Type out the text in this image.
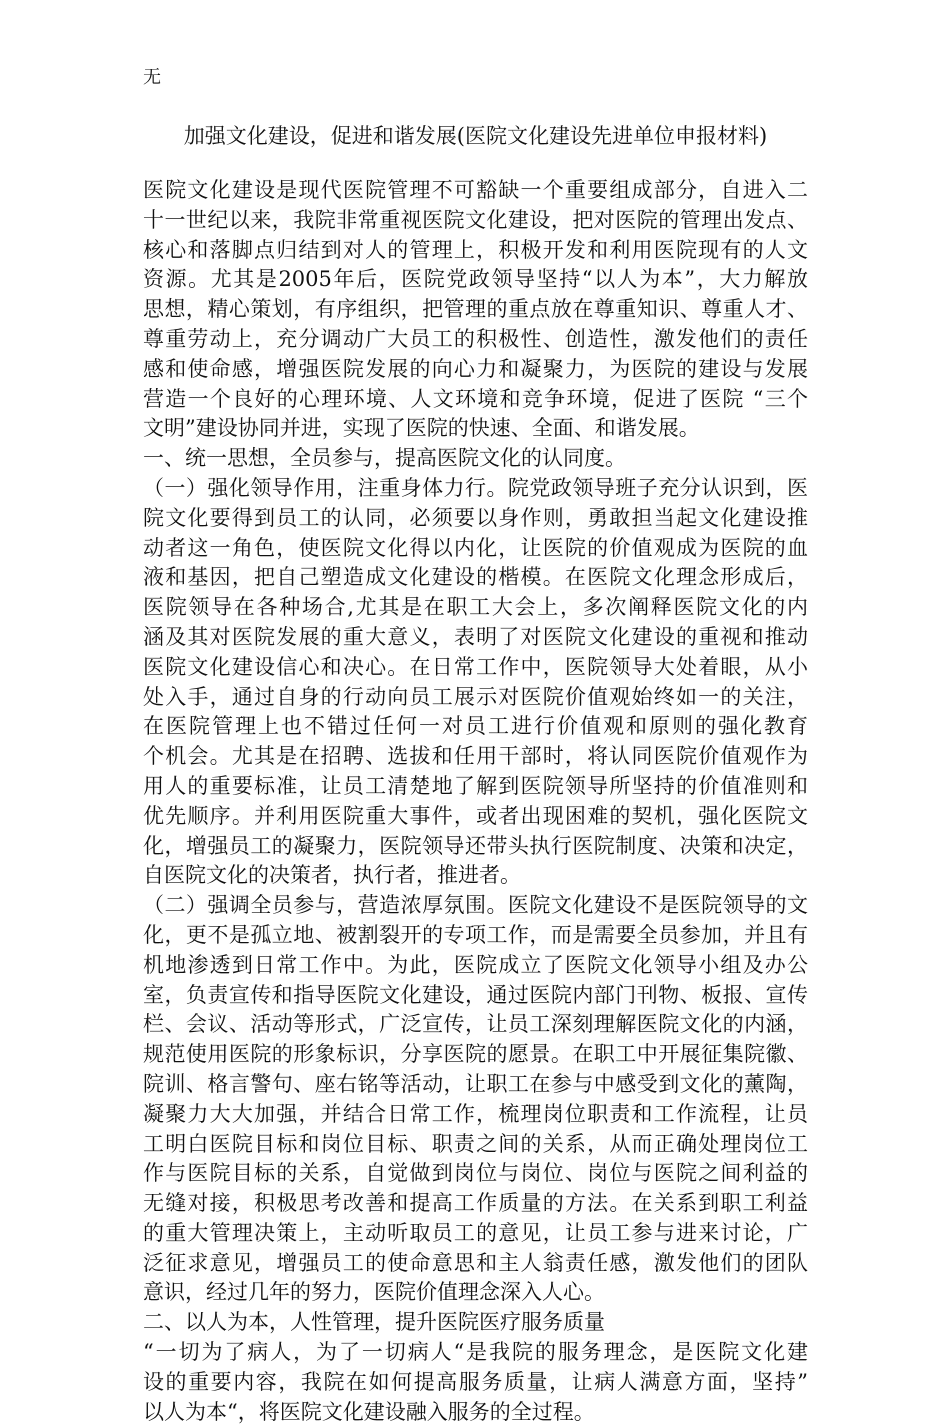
无
加强文化建设，促进和谐发展(医院文化建设先进单位申报材料)
医院文化建设是现代医院管理不可豁缺一个重要组成部分，自进入二
十一世纪以来，我院非常重视医院文化建设，把对医院的管理出发点、
核心和落脚点归结到对人的管理上，积极开发和利用医院现有的人文
资源。尤其是2005年后，医院党政领导坚持“以人为本”，大力解放
思想，精心策划，有序组织，把管理的重点放在尊重知识、尊重人才、
尊重劳动上，充分调动广大员工的积极性、创造性，激发他们的责任
感和使命感，增强医院发展的向心力和凝聚力，为医院的建设与发展
营造一个良好的心理环境、人文环境和竞争环境，促进了医院 “三个
文明”建设协同并进，实现了医院的快速、全面、和谐发展。
一、统一思想，全员参与，提高医院文化的认同度。
（一）强化领导作用，注重身体力行。院党政领导班子充分认识到，医
院文化要得到员工的认同，必须要以身作则，勇敢担当起文化建设推
动者这一角色，使医院文化得以内化，让医院的价值观成为医院的血
液和基因，把自己塑造成文化建设的楷模。在医院文化理念形成后，
医院领导在各种场合,尤其是在职工大会上，多次阐释医院文化的内
涵及其对医院发展的重大意义，表明了对医院文化建设的重视和推动
医院文化建设信心和决心。在日常工作中，医院领导大处着眼，从小
处入手，通过自身的行动向员工展示对医院价值观始终如一的关注，
在医院管理上也不错过任何一对员工进行价值观和原则的强化教育
个机会。尤其是在招聘、选拔和任用干部时，将认同医院价值观作为
用人的重要标准，让员工清楚地了解到医院领导所坚持的价值准则和
优先顺序。并利用医院重大事件，或者出现困难的契机，强化医院文
化，增强员工的凝聚力，医院领导还带头执行医院制度、决策和决定，
自医院文化的决策者，执行者，推进者。
（二）强调全员参与，营造浓厚氛围。医院文化建设不是医院领导的文
化，更不是孤立地、被割裂开的专项工作，而是需要全员参加，并且有
机地渗透到日常工作中。为此，医院成立了医院文化领导小组及办公
室，负责宣传和指导医院文化建设，通过医院内部门刊物、板报、宣传
栏、会议、活动等形式，广泛宣传，让员工深刻理解医院文化的内涵，
规范使用医院的形象标识，分享医院的愿景。在职工中开展征集院徽、
院训、格言警句、座右铭等活动，让职工在参与中感受到文化的薰陶，
凝聚力大大加强，并结合日常工作，梳理岗位职责和工作流程，让员
工明白医院目标和岗位目标、职责之间的关系，从而正确处理岗位工
作与医院目标的关系，自觉做到岗位与岗位、岗位与医院之间利益的
无缝对接，积极思考改善和提高工作质量的方法。在关系到职工利益
的重大管理决策上，主动听取员工的意见，让员工参与进来讨论，广
泛征求意见，增强员工的使命意思和主人翁责任感，激发他们的团队
意识，经过几年的努力，医院价值理念深入人心。
二、以人为本，人性管理，提升医院医疗服务质量
“一切为了病人，为了一切病人“是我院的服务理念，是医院文化建
设的重要内容，我院在如何提高服务质量，让病人满意方面，坚持”
以人为本“，将医院文化建设融入服务的全过程。
